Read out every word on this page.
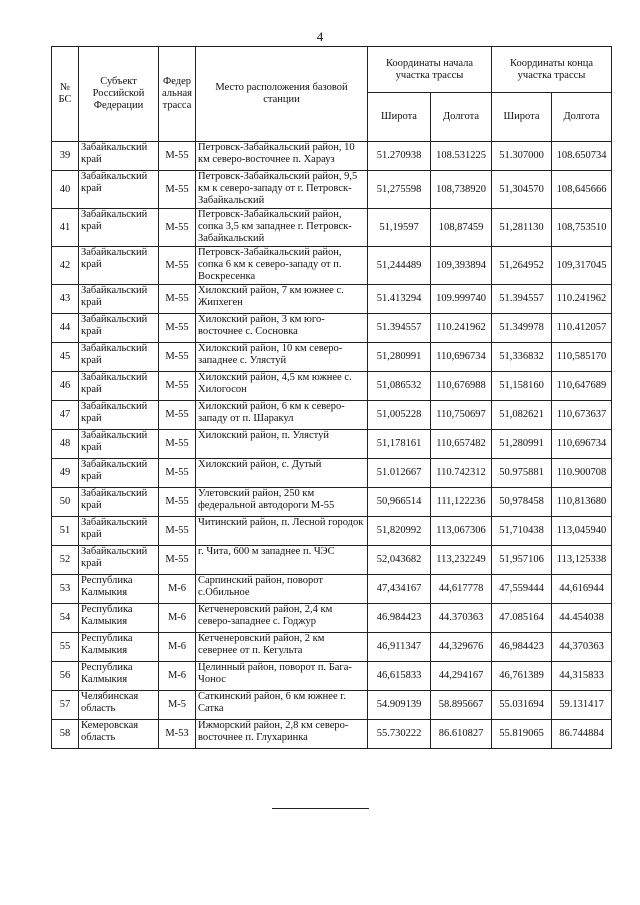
4
№ БС	Субъект Российской Федерации	Федер альная трасса	Место расположения базовой станции	Координаты начала участка трассы		Координаты конца участка трассы	
				Широта	Долгота	Широта	Долгота
39	Забайкальский край	М-55	Петровск-Забайкальский район, 10 км северо-восточнее п. Харауз	51.270938	108.531225	51.307000	108.650734
40	Забайкальский край	М-55	Петровск-Забайкальский район, 9,5 км к северо-западу от г. Петровск-Забайкальский	51,275598	108,738920	51,304570	108,645666
41	Забайкальский край	М-55	Петровск-Забайкальский район, сопка 3,5 км западнее г. Петровск-Забайкальский	51,19597	108,87459	51,281130	108,753510
42	Забайкальский край	М-55	Петровск-Забайкальский район, сопка 6 км к северо-западу от п. Воскресенка	51,244489	109,393894	51,264952	109,317045
43	Забайкальский край	М-55	Хилокский район, 7 км южнее с. Жипхеген	51.413294	109.999740	51.394557	110.241962
44	Забайкальский край	М-55	Хилокский район, 3 км юго-восточнее с. Сосновка	51.394557	110.241962	51.349978	110.412057
45	Забайкальский край	М-55	Хилокский район, 10 км северо-западнее с. Улястуй	51,280991	110,696734	51,336832	110,585170
46	Забайкальский край	М-55	Хилокский район, 4,5 км южнее с. Хилогосон	51,086532	110,676988	51,158160	110,647689
47	Забайкальский край	М-55	Хилокский район, 6 км к северо-западу от п. Шаракул	51,005228	110,750697	51,082621	110,673637
48	Забайкальский край	М-55	Хилокский район, п. Улястуй	51,178161	110,657482	51,280991	110,696734
49	Забайкальский край	М-55	Хилокский район, с. Дутый	51.012667	110.742312	50.975881	110.900708
50	Забайкальский край	М-55	Улетовский район, 250 км федеральной автодороги М-55	50,966514	111,122236	50,978458	110,813680
51	Забайкальский край	М-55	Читинский район, п. Лесной городок	51,820992	113,067306	51,710438	113,045940
52	Забайкальский край	М-55	г. Чита, 600 м западнее п. ЧЭС	52,043682	113,232249	51,957106	113,125338
53	Республика Калмыкия	М-6	Сарпинский район, поворот с.Обильное	47,434167	44,617778	47,559444	44,616944
54	Республика Калмыкия	М-6	Кетченеровский район, 2,4 км северо-западнее с. Годжур	46.984423	44.370363	47.085164	44.454038
55	Республика Калмыкия	М-6	Кетченеровский район, 2 км севернее от п. Кегульта	46,911347	44,329676	46,984423	44,370363
56	Республика Калмыкия	М-6	Целинный район, поворот п. Бага-Чонос	46,615833	44,294167	46,761389	44,315833
57	Челябинская область	М-5	Саткинский район, 6 км южнее г. Сатка	54.909139	58.895667	55.031694	59.131417
58	Кемеровская область	М-53	Ижморский район, 2,8 км северо-восточнее п. Глухаринка	55.730222	86.610827	55.819065	86.744884
